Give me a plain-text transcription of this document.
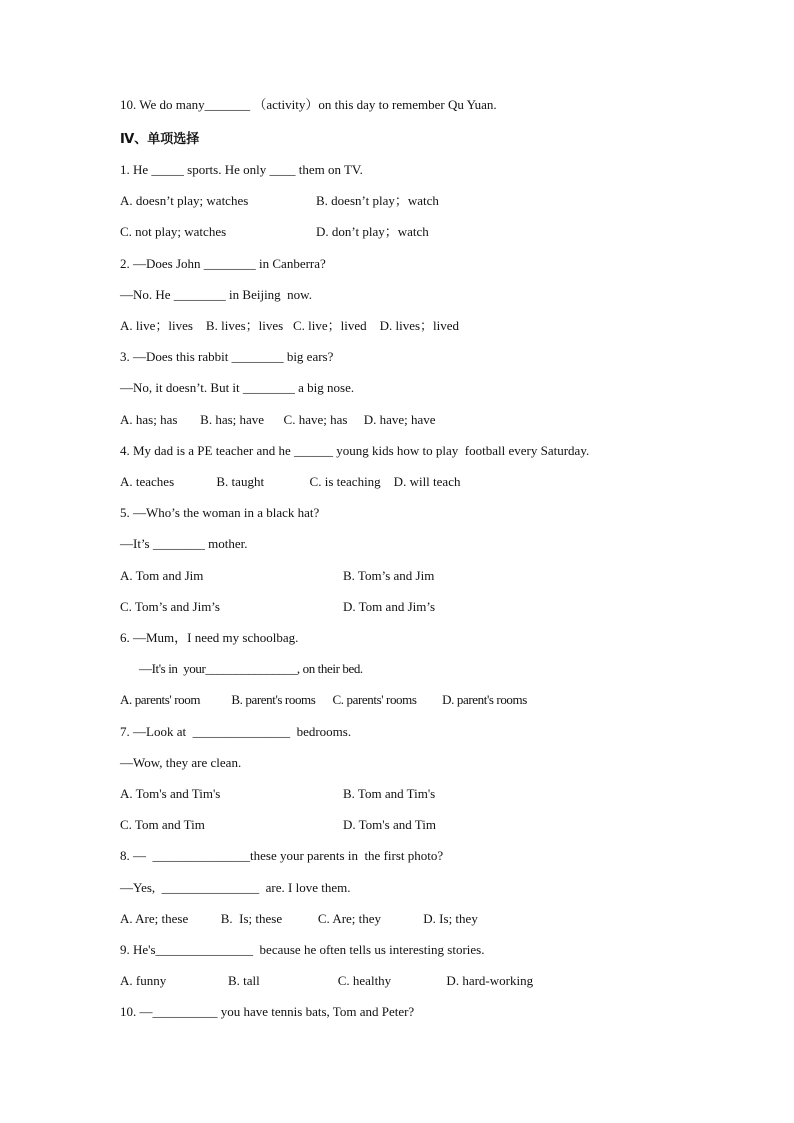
10. We do many_______ （activity）on this day to remember Qu Yuan.
Ⅳ、单项选择
1. He _____ sports. He only ____ them on TV.
A. doesn’t play; watches	B. doesn’t play；watch
C. not play; watches	D. don’t play；watch
2. —Does John ________ in Canberra?
—No. He ________ in Beijing  now.
A. live；lives    B. lives；lives   C. live；lived    D. lives；lived
3. —Does this rabbit ________ big ears?
—No, it doesn’t. But it ________ a big nose.
A. has; has       B. has; have      C. have; has     D. have; have
4. My dad is a PE teacher and he ______ young kids how to play  football every Saturday.
A. teaches             B. taught              C. is teaching    D. will teach
5. —Who’s the woman in a black hat?
—It’s ________ mother.
A. Tom and Jim	B. Tom’s and Jim
C. Tom’s and Jim’s	D. Tom and Jim’s
6. —Mum，I need my schoolbag.
—It's in  your_______________, on their bed.
A. parents' room           B. parent's rooms      C. parents' rooms         D. parent's rooms
7. —Look at  _______________  bedrooms.
—Wow, they are clean.
A. Tom's and Tim's	B. Tom and Tim's
C. Tom and Tim	D. Tom's and Tim
8. —  _______________these your parents in  the first photo?
—Yes,  _______________  are. I love them.
A. Are; these          B.  Is; these           C. Are; they             D. Is; they
9. He's_______________  because he often tells us interesting stories.
A. funny                   B. tall                        C. healthy                 D. hard-working
10. —__________ you have tennis bats, Tom and Peter?
